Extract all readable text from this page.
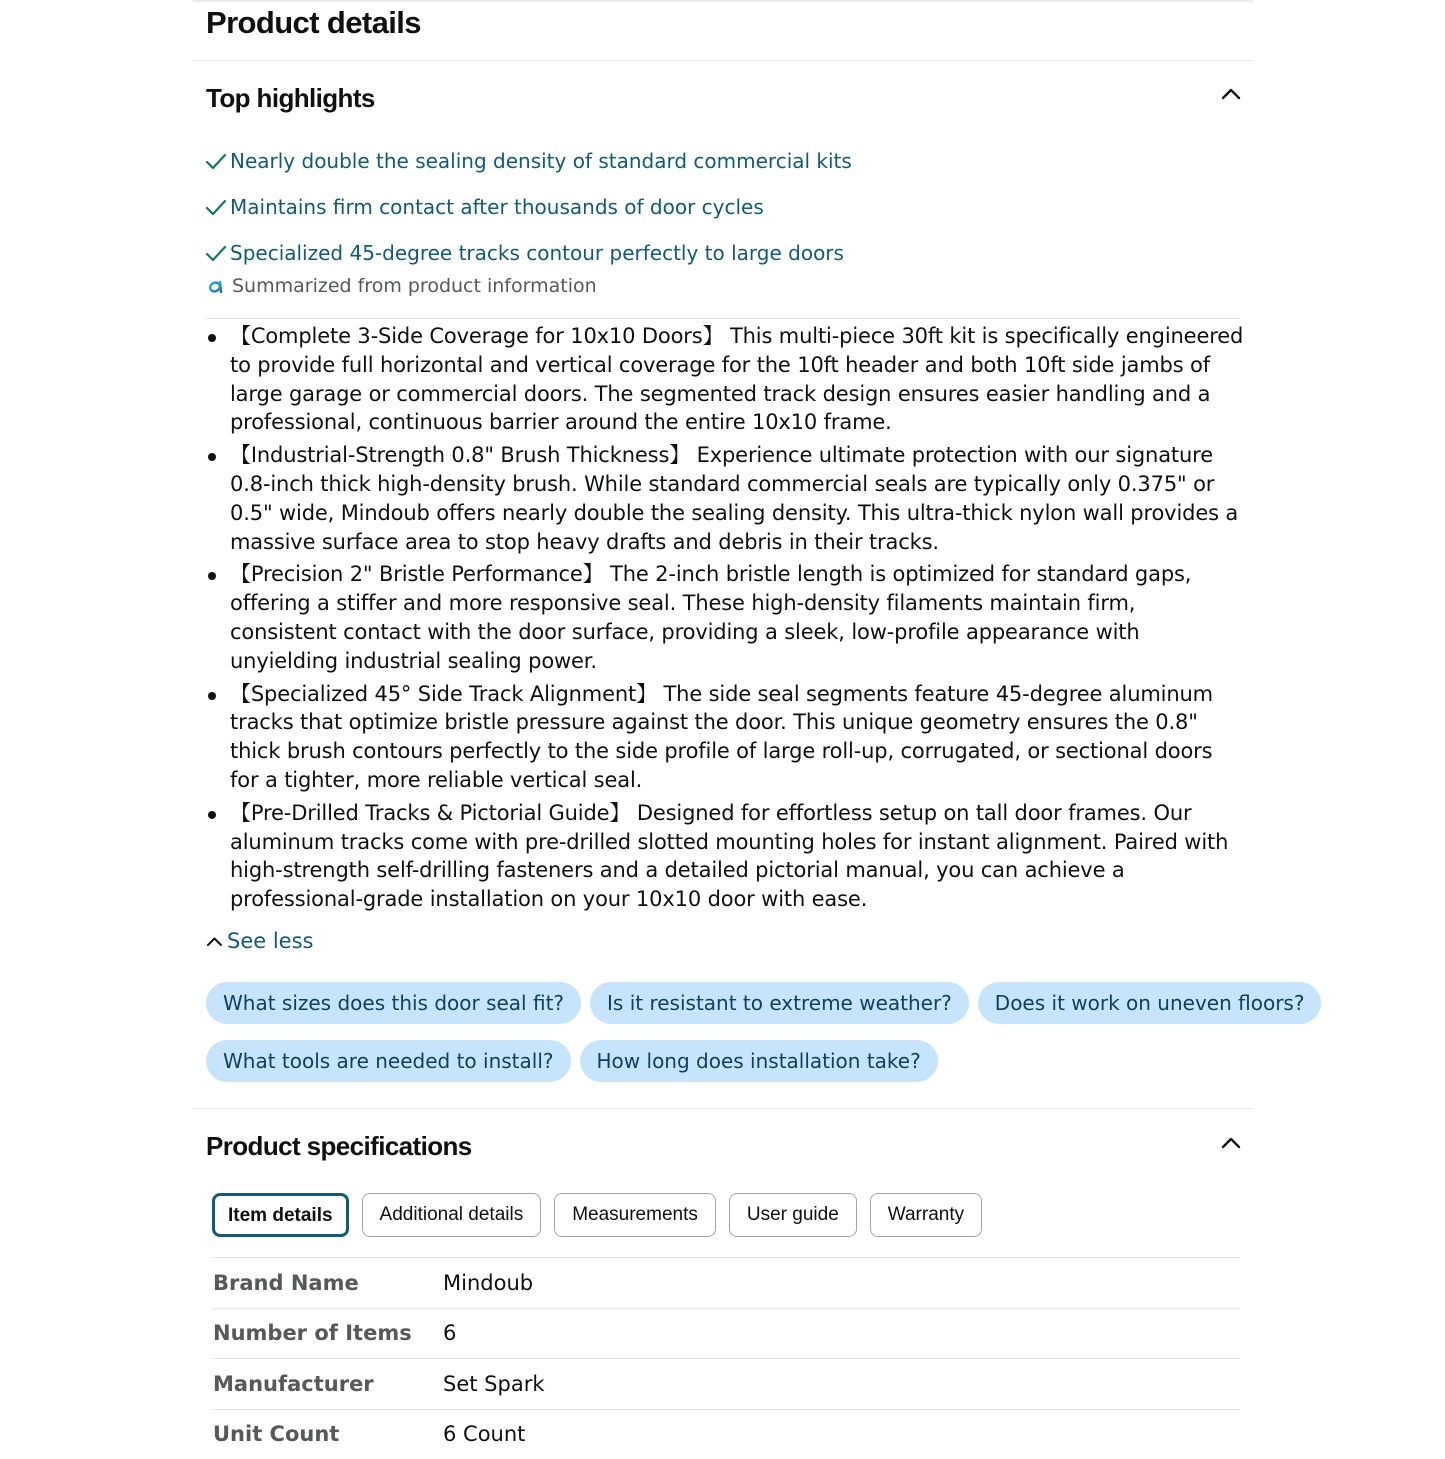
Product details
Top highlights
Nearly double the sealing density of standard commercial kits
Maintains firm contact after thousands of door cycles
Specialized 45-degree tracks contour perfectly to large doors
Summarized from product information
【Complete 3-Side Coverage for 10x10 Doors】 This multi-piece 30ft kit is specifically engineered to provide full horizontal and vertical coverage for the 10ft header and both 10ft side jambs of large garage or commercial doors. The segmented track design ensures easier handling and a professional, continuous barrier around the entire 10x10 frame.
【Industrial-Strength 0.8" Brush Thickness】 Experience ultimate protection with our signature 0.8-inch thick high-density brush. While standard commercial seals are typically only 0.375" or 0.5" wide, Mindoub offers nearly double the sealing density. This ultra-thick nylon wall provides a massive surface area to stop heavy drafts and debris in their tracks.
【Precision 2" Bristle Performance】 The 2-inch bristle length is optimized for standard gaps, offering a stiffer and more responsive seal. These high-density filaments maintain firm, consistent contact with the door surface, providing a sleek, low-profile appearance with unyielding industrial sealing power.
【Specialized 45° Side Track Alignment】 The side seal segments feature 45-degree aluminum tracks that optimize bristle pressure against the door. This unique geometry ensures the 0.8" thick brush contours perfectly to the side profile of large roll-up, corrugated, or sectional doors for a tighter, more reliable vertical seal.
【Pre-Drilled Tracks & Pictorial Guide】 Designed for effortless setup on tall door frames. Our aluminum tracks come with pre-drilled slotted mounting holes for instant alignment. Paired with high-strength self-drilling fasteners and a detailed pictorial manual, you can achieve a professional-grade installation on your 10x10 door with ease.
See less
What sizes does this door seal fit?	Is it resistant to extreme weather?	Does it work on uneven floors?
What tools are needed to install?	How long does installation take?
Product specifications
Item details	Additional details	Measurements	User guide	Warranty
Brand Name	Mindoub
Number of Items	6
Manufacturer	Set Spark
Unit Count	6 Count
